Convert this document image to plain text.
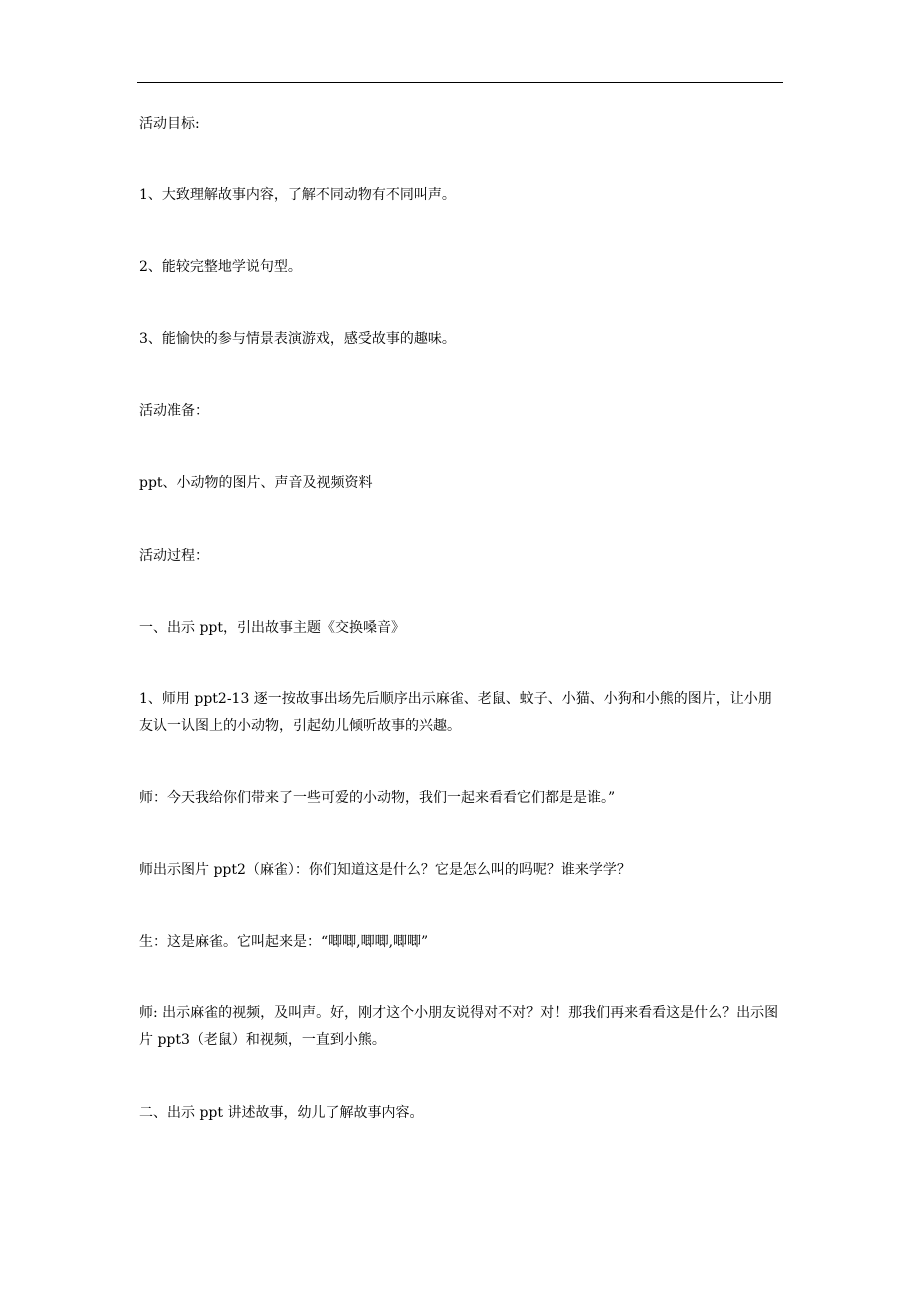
活动目标:
1、大致理解故事内容，了解不同动物有不同叫声。
2、能较完整地学说句型。
3、能愉快的参与情景表演游戏，感受故事的趣味。
活动准备：
ppt、小动物的图片、声音及视频资料
活动过程：
一、出示 ppt，引出故事主题《交换嗓音》
1、师用 ppt2-13 逐一按故事出场先后顺序出示麻雀、老鼠、蚊子、小猫、小狗和小熊的图片，让小朋友认一认图上的小动物，引起幼儿倾听故事的兴趣。
师：今天我给你们带来了一些可爱的小动物，我们一起来看看它们都是是谁。”
师出示图片 ppt2（麻雀）：你们知道这是什么？它是怎么叫的吗呢？谁来学学？
生：这是麻雀。它叫起来是：“唧唧,唧唧,唧唧”
师: 出示麻雀的视频，及叫声。好，刚才这个小朋友说得对不对？对！那我们再来看看这是什么？出示图片 ppt3（老鼠）和视频，一直到小熊。
二、出示 ppt 讲述故事，幼儿了解故事内容。
